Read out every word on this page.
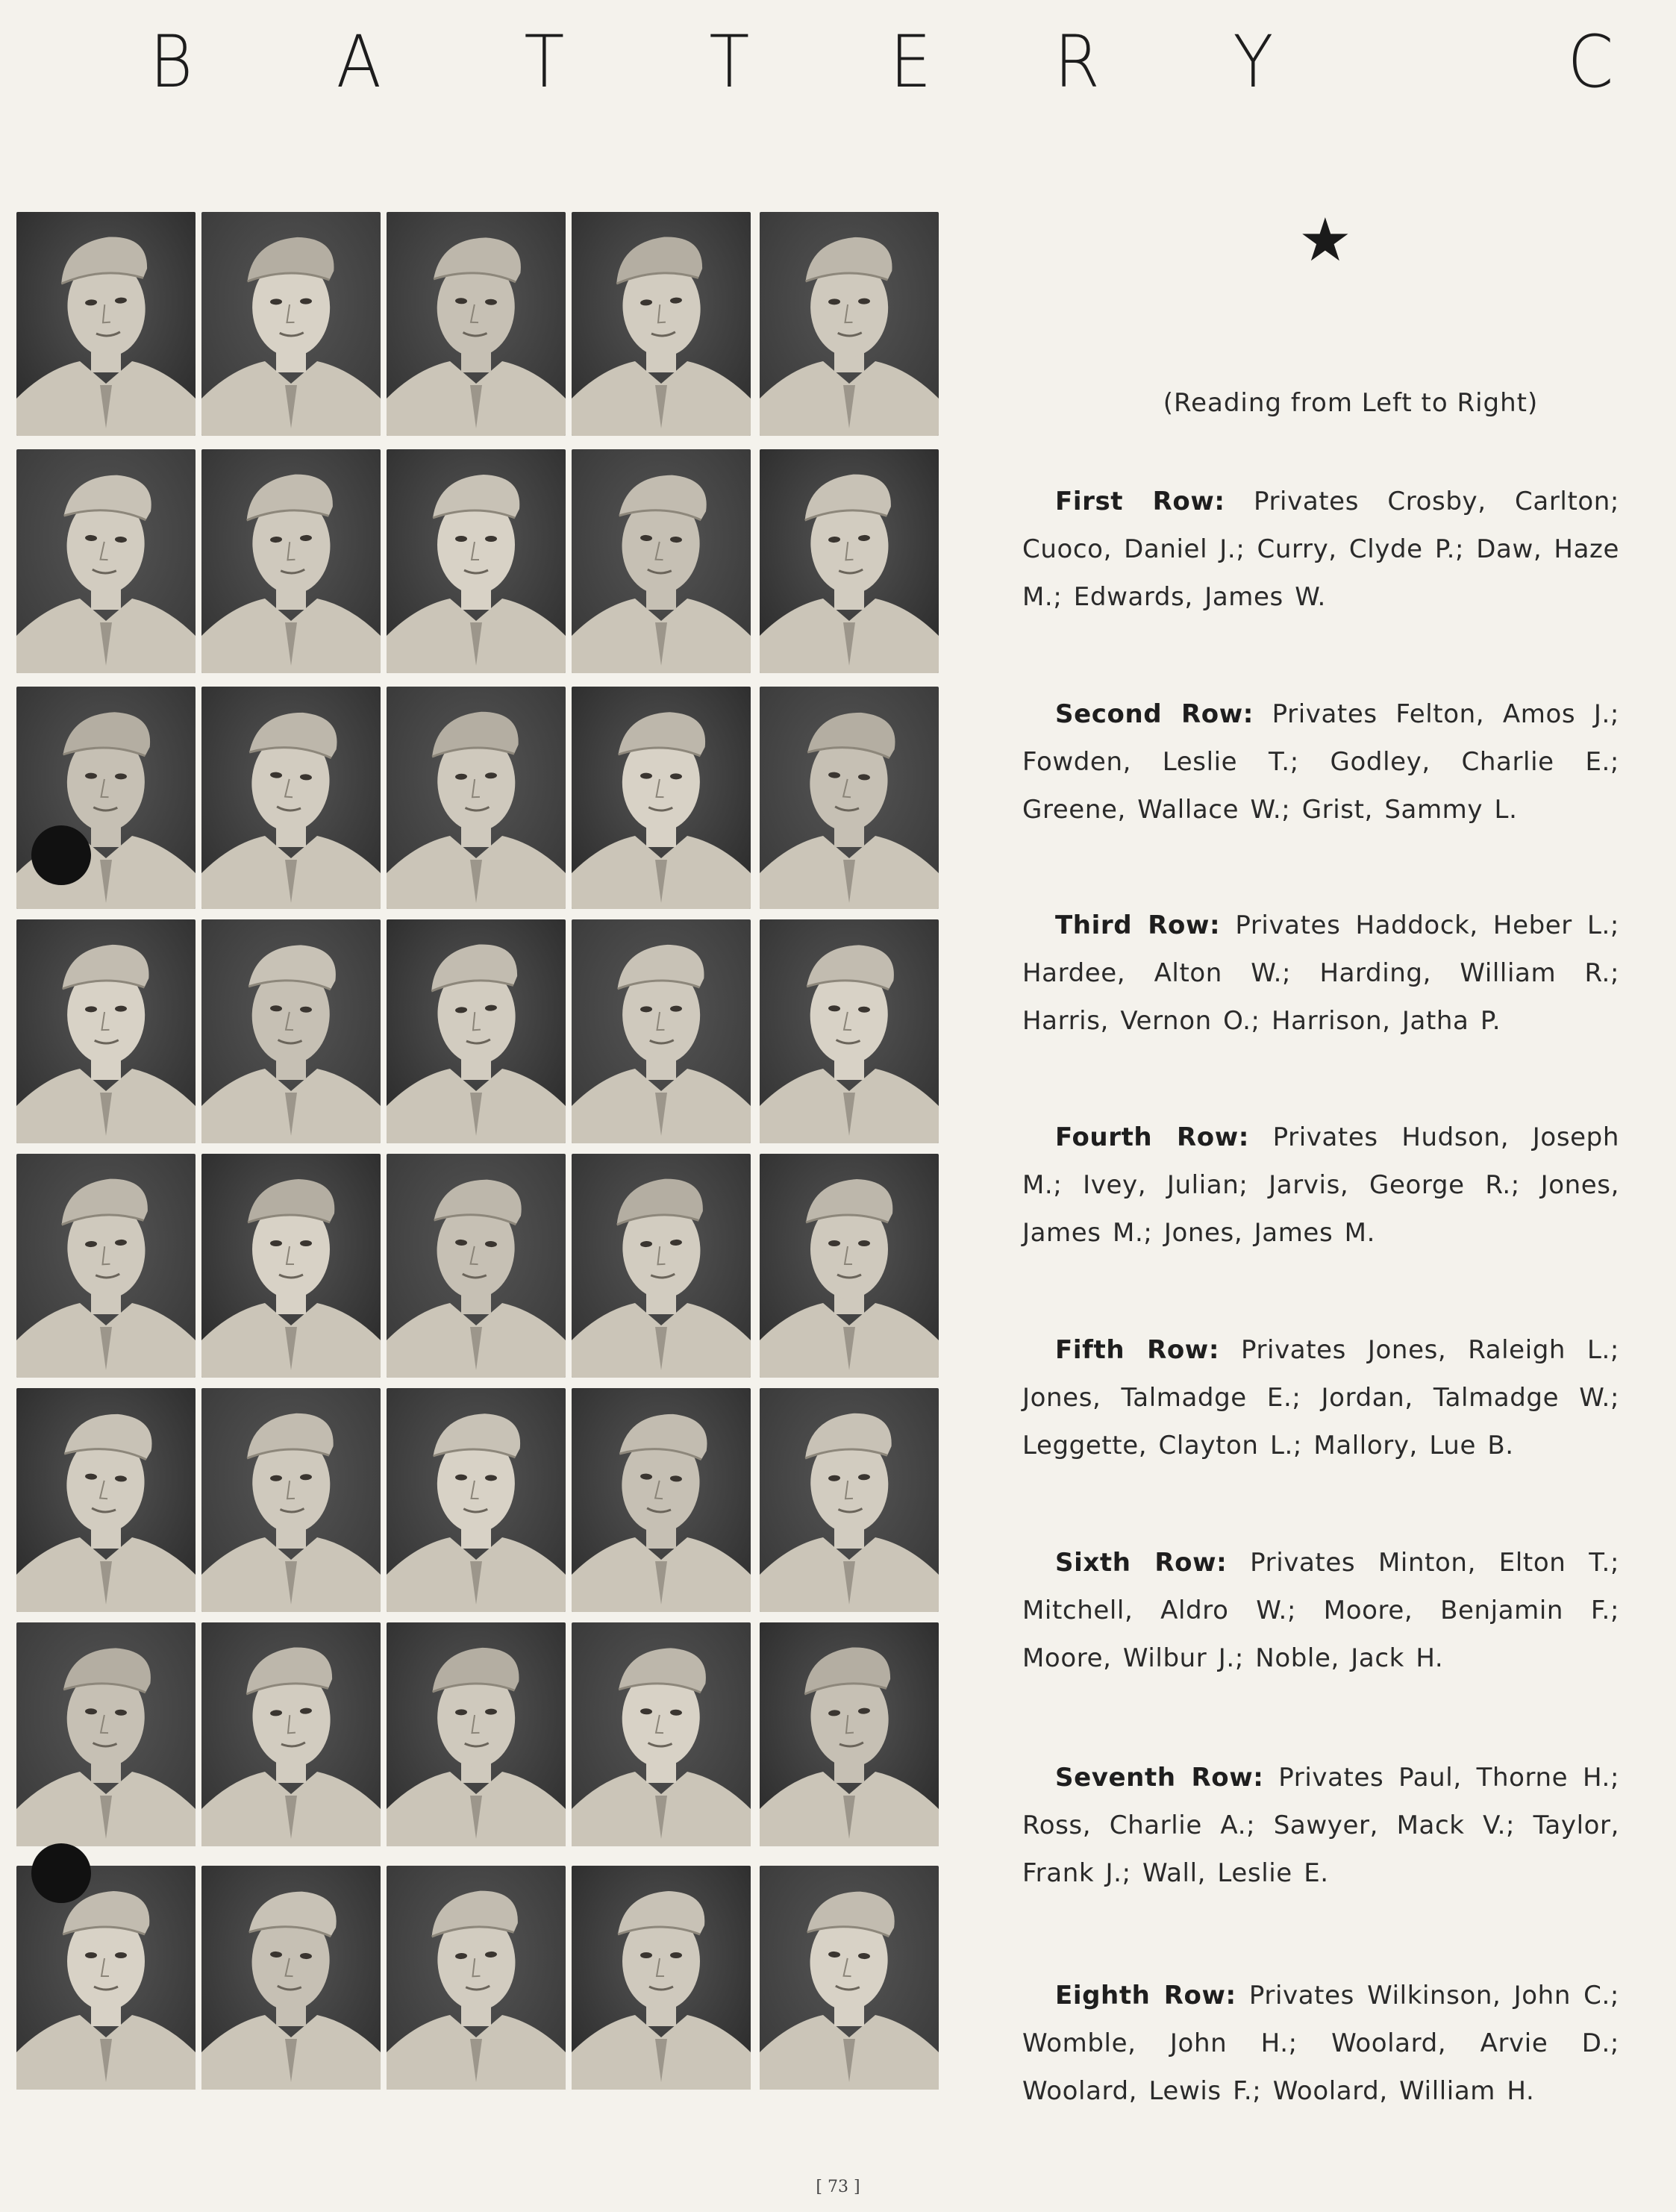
B A T T E R Y	C
★
(Reading from Left to Right)
First Row: Privates Crosby, Carlton; Cuoco, Daniel J.; Curry, Clyde P.; Daw, Haze M.; Edwards, James W.
Second Row: Privates Felton, Amos J.; Fowden, Leslie T.; Godley, Charlie E.; Greene, Wallace W.; Grist, Sammy L.
Third Row: Privates Haddock, Heber L.; Hardee, Alton W.; Harding, William R.; Harris, Vernon O.; Harrison, Jatha P.
Fourth Row: Privates Hudson, Joseph M.; Ivey, Julian; Jarvis, George R.; Jones, James M.; Jones, James M.
Fifth Row: Privates Jones, Raleigh L.; Jones, Talmadge E.; Jordan, Talmadge W.; Leggette, Clayton L.; Mallory, Lue B.
Sixth Row: Privates Minton, Elton T.; Mitchell, Aldro W.; Moore, Benjamin F.; Moore, Wilbur J.; Noble, Jack H.
Seventh Row: Privates Paul, Thorne H.; Ross, Charlie A.; Sawyer, Mack V.; Taylor, Frank J.; Wall, Leslie E.
Eighth Row: Privates Wilkinson, John C.; Womble, John H.; Woolard, Arvie D.; Woolard, Lewis F.; Woolard, William H.
[ 73 ]
